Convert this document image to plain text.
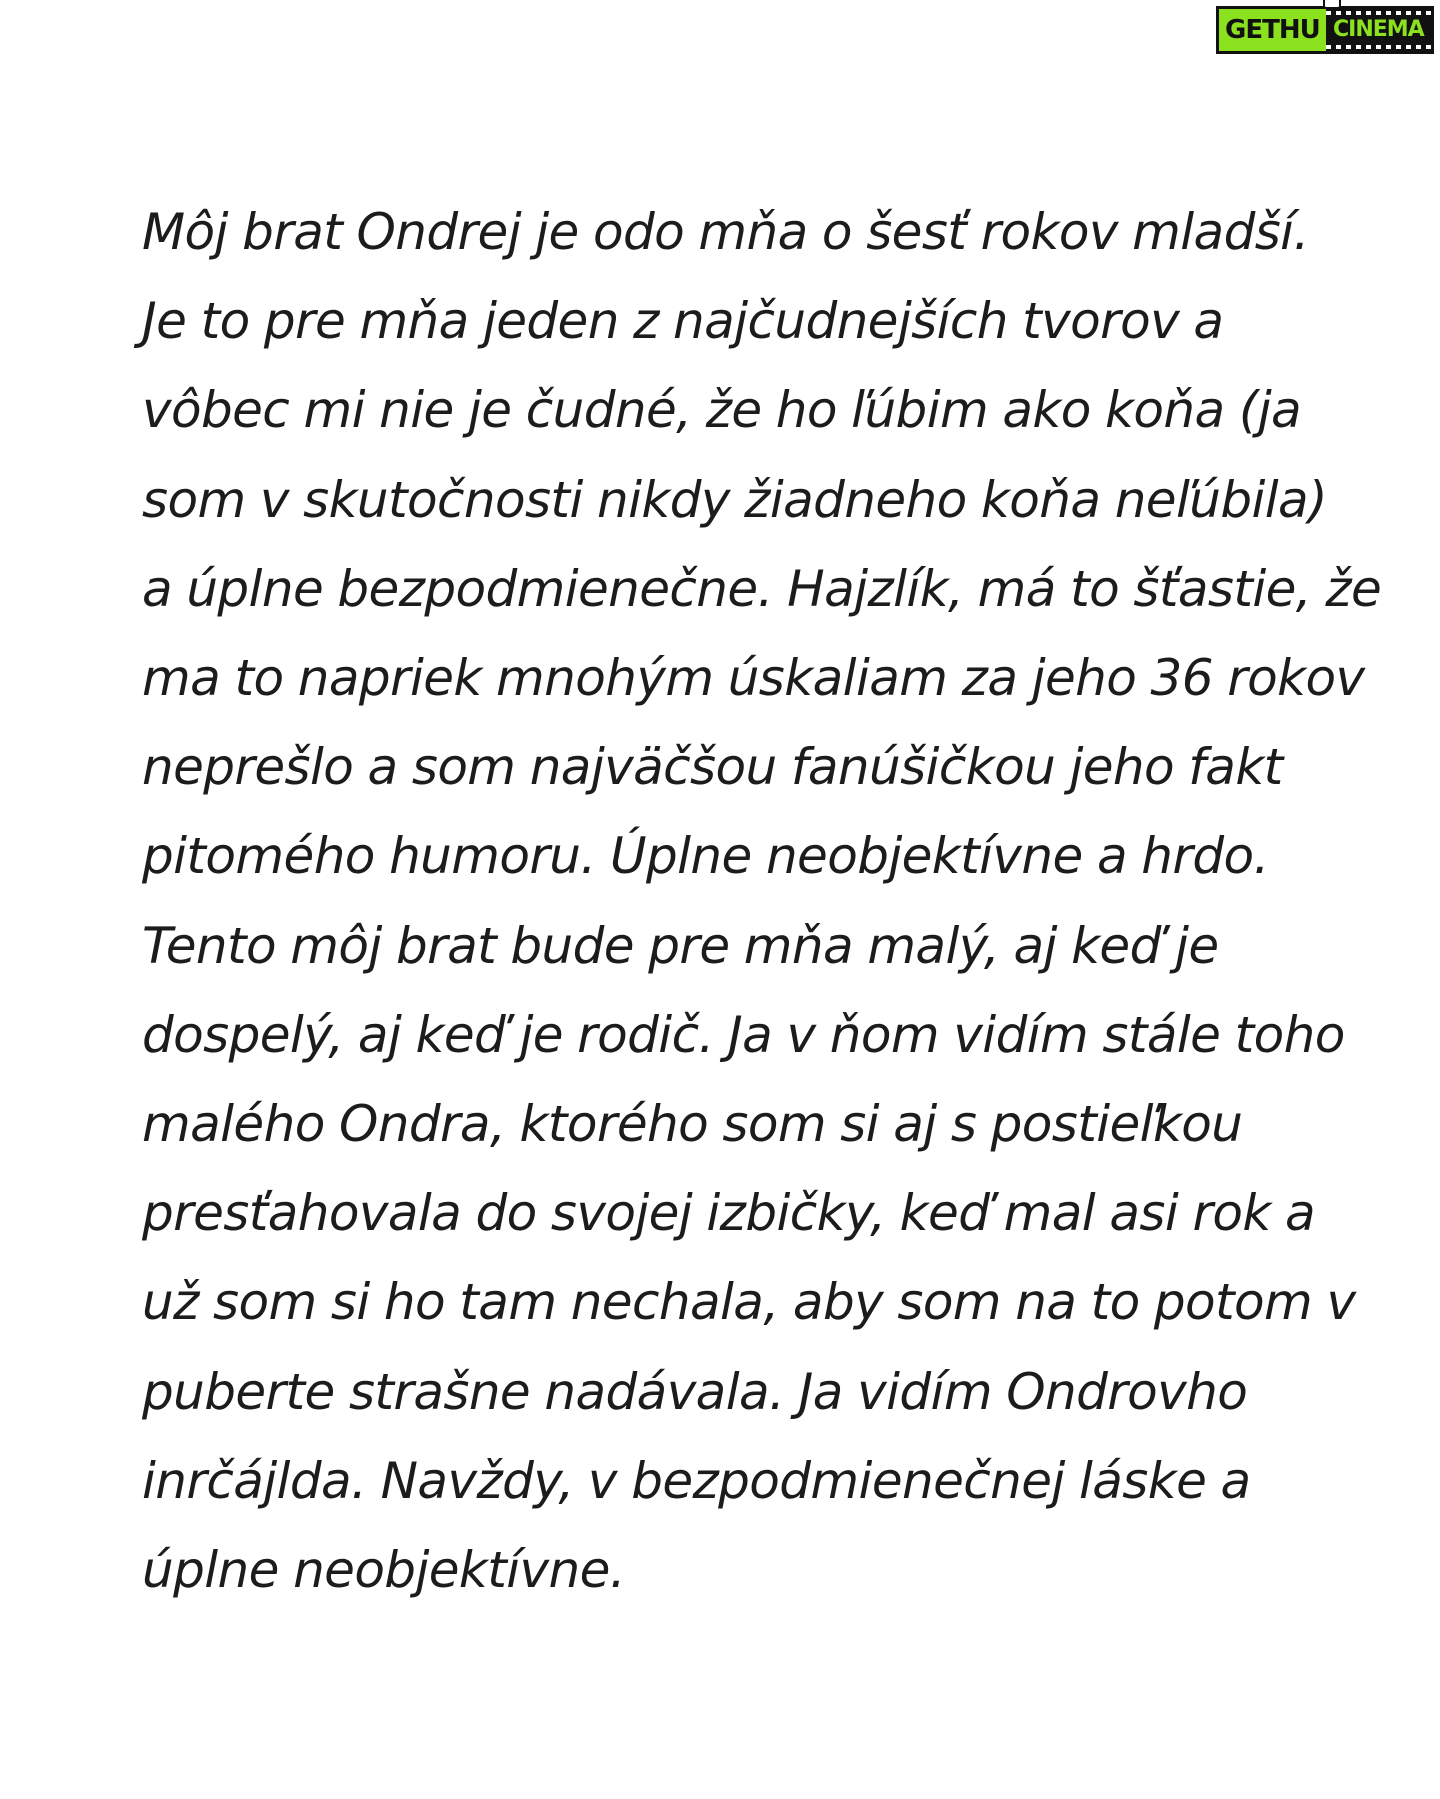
GETHU CINEMA

Môj brat Ondrej je odo mňa o šesť rokov mladší.
Je to pre mňa jeden z najčudnejších tvorov a
vôbec mi nie je čudné, že ho ľúbim ako koňa (ja
som v skutočnosti nikdy žiadneho koňa neľúbila)
a úplne bezpodmienečne. Hajzlík, má to šťastie, že
ma to napriek mnohým úskaliam za jeho 36 rokov
neprešlo a som najväčšou fanúšičkou jeho fakt
pitomého humoru. Úplne neobjektívne a hrdo.
Tento môj brat bude pre mňa malý, aj keď je
dospelý, aj keď je rodič. Ja v ňom vidím stále toho
malého Ondra, ktorého som si aj s postieľkou
presťahovala do svojej izbičky, keď mal asi rok a
už som si ho tam nechala, aby som na to potom v
puberte strašne nadávala. Ja vidím Ondrovho
inrčájlda. Navždy, v bezpodmienečnej láske a
úplne neobjektívne.
